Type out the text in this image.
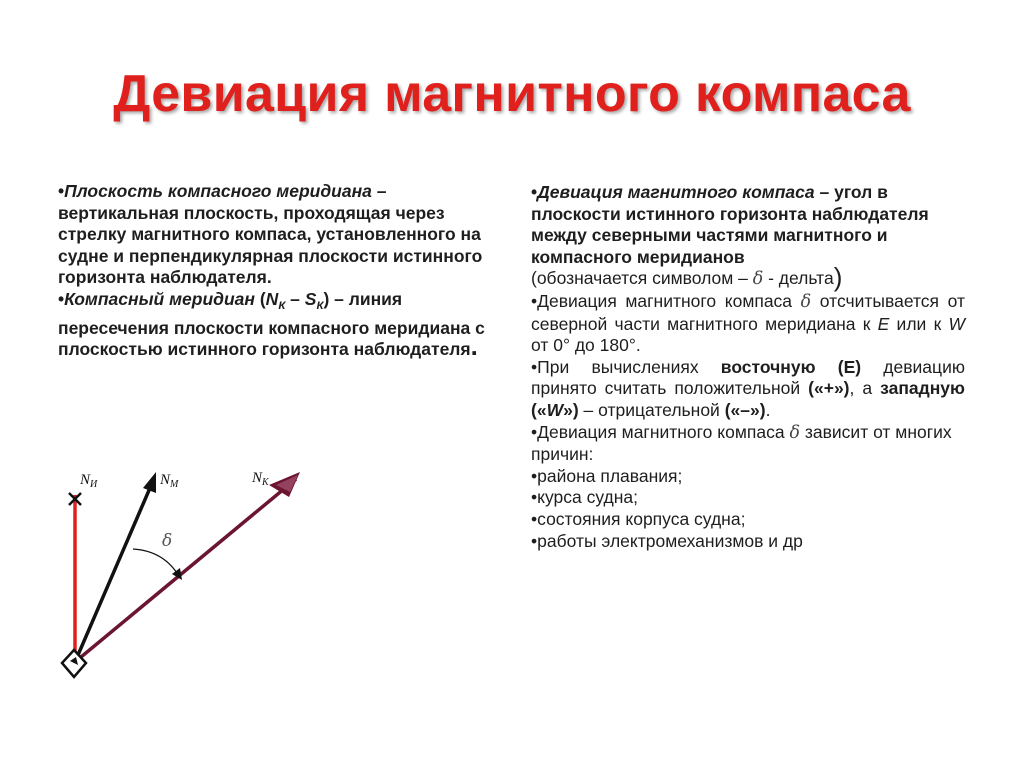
Девиация магнитного компаса

•Плоскость компасного меридиана – вертикальная плоскость, проходящая через стрелку магнитного компаса, установленного на судне и перпендикулярная плоскости истинного горизонта наблюдателя.

•Компасный меридиан $(N_К - S_К)$ – линия пересечения плоскости компасного меридиана с плоскостью истинного горизонта наблюдателя.

•Девиация магнитного компаса – угол в плоскости истинного горизонта наблюдателя между северными частями магнитного и компасного меридианов

(обозначается символом – δ - дельта)

•Девиация магнитного компаса δ отсчитывается от северной части магнитного меридиана к Е или к W от 0° до 180°.

•При вычислениях восточную (Е) девиацию принято считать положительной («+»), а западную («W») – отрицательной («–»).

•Девиация магнитного компаса δ зависит от многих причин:

•района плавания;

•курса судна;

•состояния корпуса судна;

•работы электромеханизмов и др

$N_И$	$N_М$	$N_К$
δ
